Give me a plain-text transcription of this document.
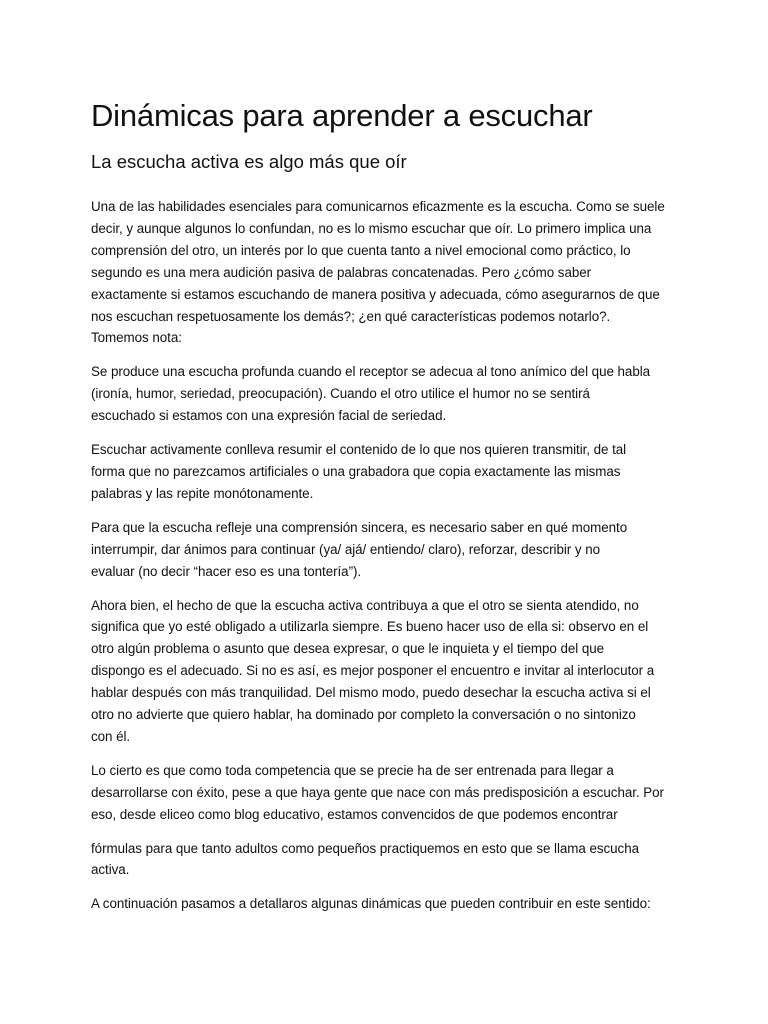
Dinámicas para aprender a escuchar
La escucha activa es algo más que oír

Una de las habilidades esenciales para comunicarnos eficazmente es la escucha. Como se suele
decir, y aunque algunos lo confundan, no es lo mismo escuchar que oír. Lo primero implica una
comprensión del otro, un interés por lo que cuenta tanto a nivel emocional como práctico, lo
segundo es una mera audición pasiva de palabras concatenadas. Pero ¿cómo saber
exactamente si estamos escuchando de manera positiva y adecuada, cómo asegurarnos de que
nos escuchan respetuosamente los demás?; ¿en qué características podemos notarlo?.
Tomemos nota:

Se produce una escucha profunda cuando el receptor se adecua al tono anímico del que habla
(ironía, humor, seriedad, preocupación). Cuando el otro utilice el humor no se sentirá
escuchado si estamos con una expresión facial de seriedad.

Escuchar activamente conlleva resumir el contenido de lo que nos quieren transmitir, de tal
forma que no parezcamos artificiales o una grabadora que copia exactamente las mismas
palabras y las repite monótonamente.

Para que la escucha refleje una comprensión sincera, es necesario saber en qué momento
interrumpir, dar ánimos para continuar (ya/ ajá/ entiendo/ claro), reforzar, describir y no
evaluar (no decir “hacer eso es una tontería”).

Ahora bien, el hecho de que la escucha activa contribuya a que el otro se sienta atendido, no
significa que yo esté obligado a utilizarla siempre. Es bueno hacer uso de ella si: observo en el
otro algún problema o asunto que desea expresar, o que le inquieta y el tiempo del que
dispongo es el adecuado. Si no es así, es mejor posponer el encuentro e invitar al interlocutor a
hablar después con más tranquilidad. Del mismo modo, puedo desechar la escucha activa si el
otro no advierte que quiero hablar, ha dominado por completo la conversación o no sintonizo
con él.

Lo cierto es que como toda competencia que se precie ha de ser entrenada para llegar a
desarrollarse con éxito, pese a que haya gente que nace con más predisposición a escuchar. Por
eso, desde eliceo como blog educativo, estamos convencidos de que podemos encontrar

fórmulas para que tanto adultos como pequeños practiquemos en esto que se llama escucha
activa.

A continuación pasamos a detallaros algunas dinámicas que pueden contribuir en este sentido:
